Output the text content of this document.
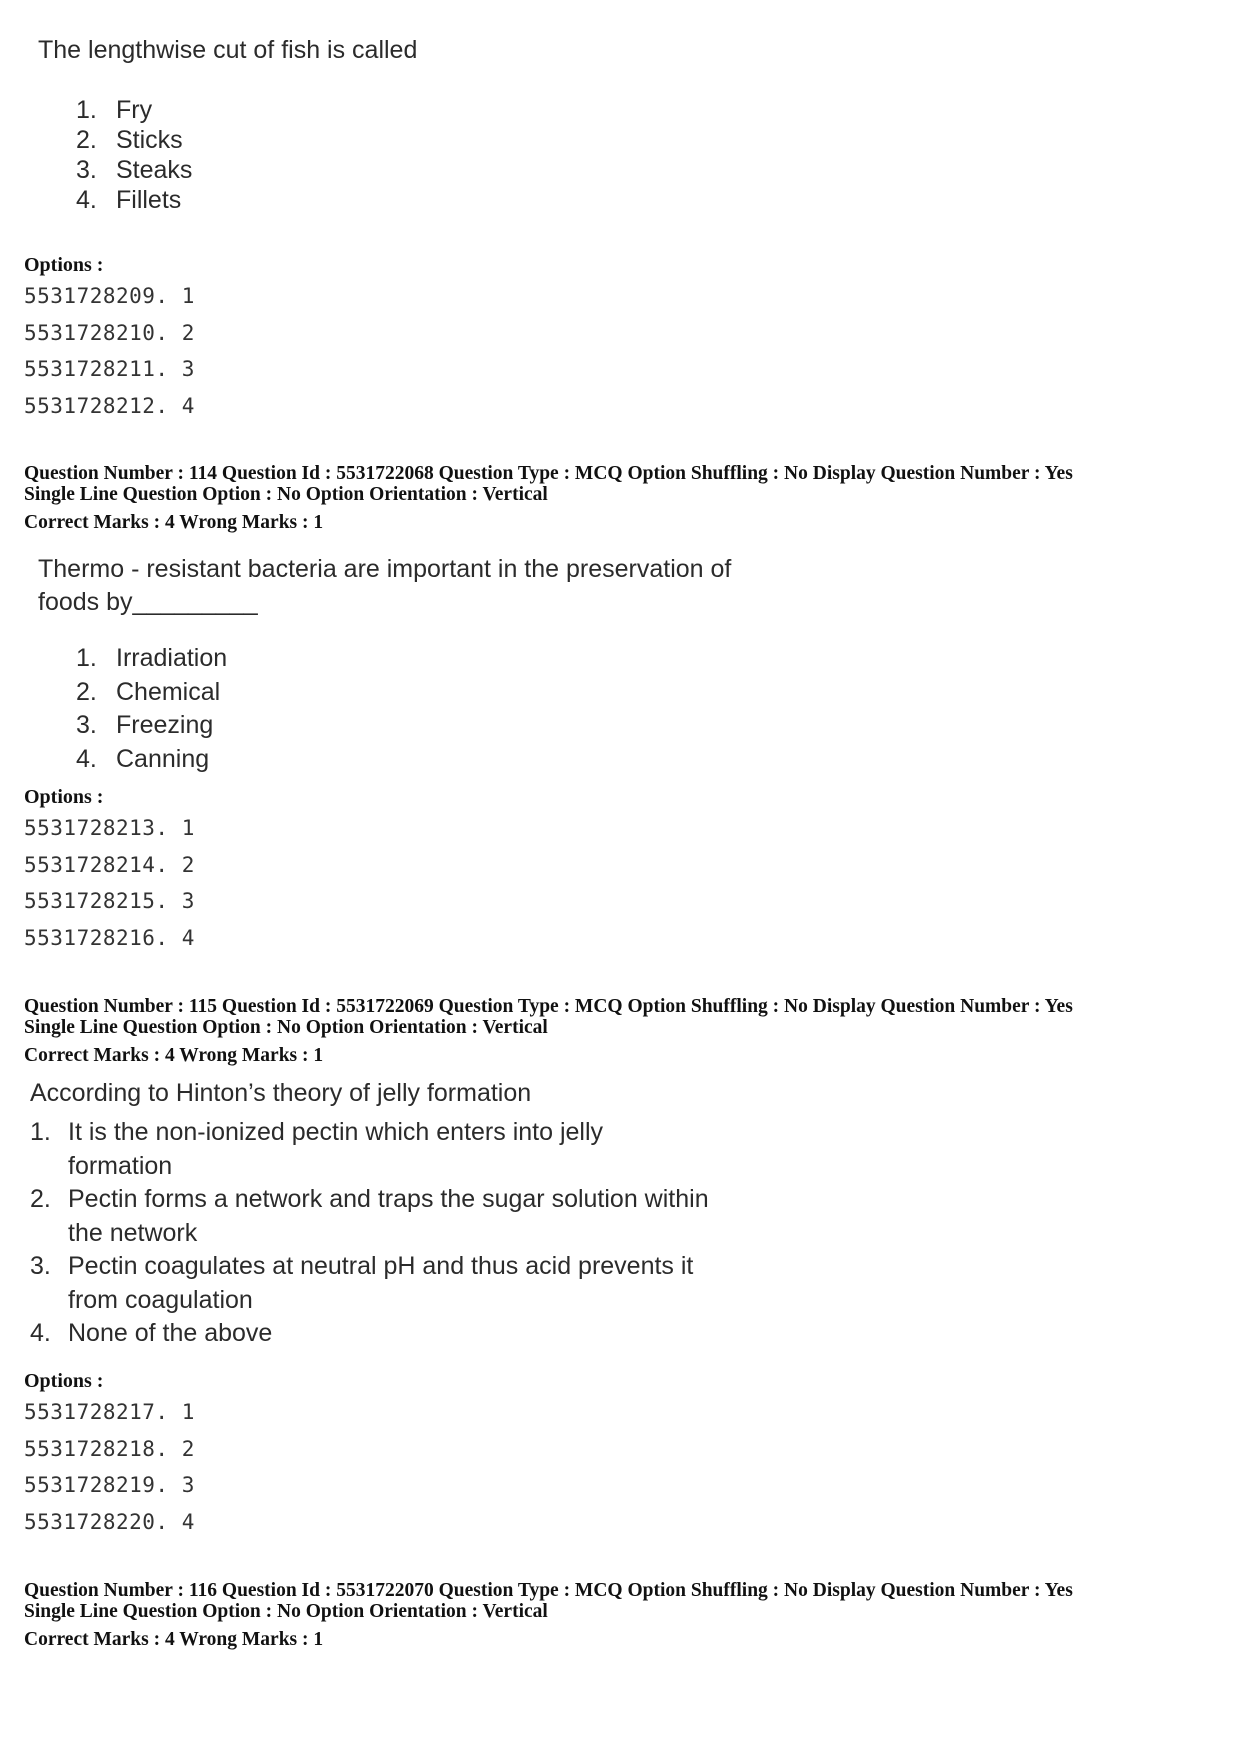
The lengthwise cut of fish is called

1. Fry
2. Sticks
3. Steaks
4. Fillets
Options :
5531728209. 1
5531728210. 2
5531728211. 3
5531728212. 4
Question Number : 114 Question Id : 5531722068 Question Type : MCQ Option Shuffling : No Display Question Number : Yes
Single Line Question Option : No Option Orientation : Vertical
Correct Marks : 4 Wrong Marks : 1
Thermo - resistant bacteria are important in the preservation of
foods by_________
1. Irradiation
2. Chemical
3. Freezing
4. Canning
Options :
5531728213. 1
5531728214. 2
5531728215. 3
5531728216. 4
Question Number : 115 Question Id : 5531722069 Question Type : MCQ Option Shuffling : No Display Question Number : Yes
Single Line Question Option : No Option Orientation : Vertical
Correct Marks : 4 Wrong Marks : 1
According to Hinton’s theory of jelly formation
1. It is the non-ionized pectin which enters into jelly
formation
2. Pectin forms a network and traps the sugar solution within
the network
3. Pectin coagulates at neutral pH and thus acid prevents it
from coagulation
4. None of the above
Options :
5531728217. 1
5531728218. 2
5531728219. 3
5531728220. 4
Question Number : 116 Question Id : 5531722070 Question Type : MCQ Option Shuffling : No Display Question Number : Yes
Single Line Question Option : No Option Orientation : Vertical
Correct Marks : 4 Wrong Marks : 1
